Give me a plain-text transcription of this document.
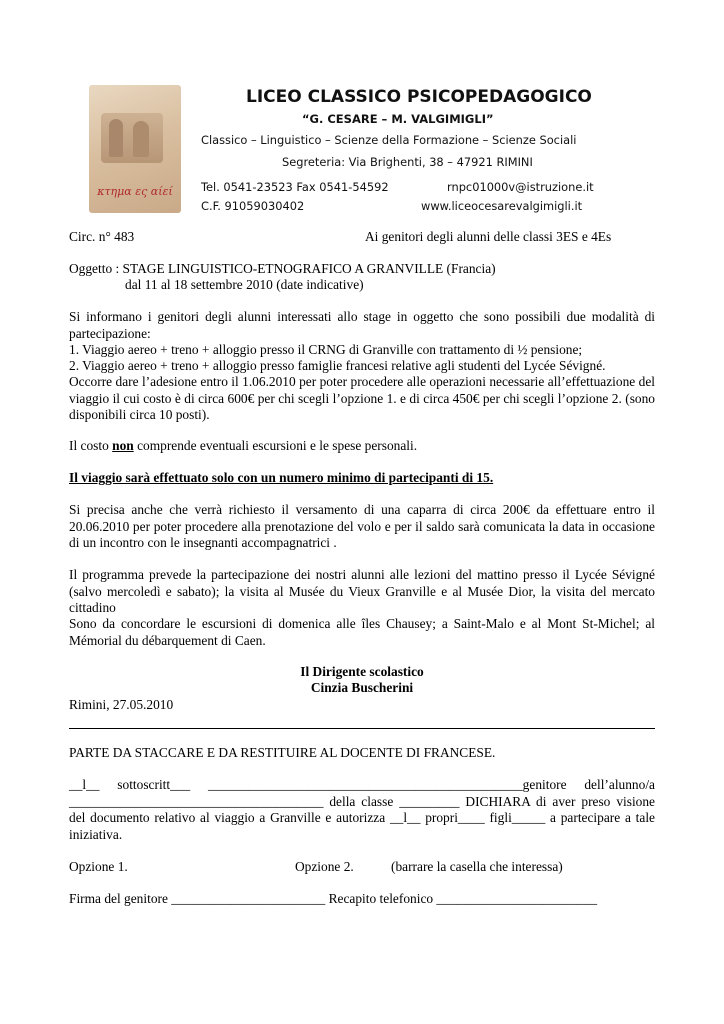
κτημα ες αίεί
LICEO CLASSICO PSICOPEDAGOGICO
“G. CESARE – M. VALGIMIGLI”
Classico – Linguistico – Scienze della Formazione – Scienze Sociali
Segreteria: Via Brighenti, 38 – 47921 RIMINI
Tel. 0541-23523 Fax 0541-54592	rnpc01000v@istruzione.it
C.F. 91059030402	www.liceocesarevalgimigli.it
Circ. n° 483	Ai genitori degli alunni delle classi 3ES e 4Es
Oggetto : STAGE LINGUISTICO-ETNOGRAFICO A GRANVILLE (Francia)
dal 11 al 18 settembre 2010 (date indicative)

Si informano i genitori degli alunni interessati allo stage in oggetto che sono possibili due modalità di partecipazione:

1. Viaggio aereo + treno + alloggio presso il CRNG di Granville con trattamento di ½ pensione;
2. Viaggio aereo + treno + alloggio presso famiglie francesi relative agli studenti del Lycée Sévigné.

Occorre dare l’adesione entro il 1.06.2010 per poter procedere alle operazioni necessarie all’effettuazione del viaggio il cui costo è di circa 600€ per chi scegli l’opzione 1. e di circa 450€ per chi scegli l’opzione 2. (sono disponibili circa 10 posti).

Il costo non comprende eventuali escursioni e le spese personali.
Il viaggio sarà effettuato solo con un numero minimo di partecipanti di 15.

Si precisa anche che verrà richiesto il versamento di una caparra di circa 200€ da effettuare entro il 20.06.2010 per poter procedere alla prenotazione del volo e per il saldo sarà comunicata la data in occasione di un incontro con le insegnanti accompagnatrici .

Il programma prevede la partecipazione dei nostri alunni alle lezioni del mattino presso il Lycée Sévigné (salvo mercoledì e sabato); la visita al Musée du Vieux Granville e al Musée Dior, la visita del mercato cittadino

Sono da concordare le escursioni di domenica alle îles Chausey; a Saint-Malo e al Mont St-Michel; al Mémorial du débarquement di Caen.

Il Dirigente scolastico
Cinzia Buscherini
Rimini, 27.05.2010
PARTE DA STACCARE E DA RESTITUIRE AL DOCENTE DI FRANCESE.

__l__ sottoscritt___ _______________________________________________genitore dell’alunno/a ______________________________________ della classe _________ DICHIARA di aver preso visione del documento relativo al viaggio a Granville e autorizza __l__ propri____ figli_____ a partecipare a tale iniziativa.

Opzione 1.	Opzione 2.	(barrare la casella che interessa)
Firma del genitore _______________________ Recapito telefonico ________________________
